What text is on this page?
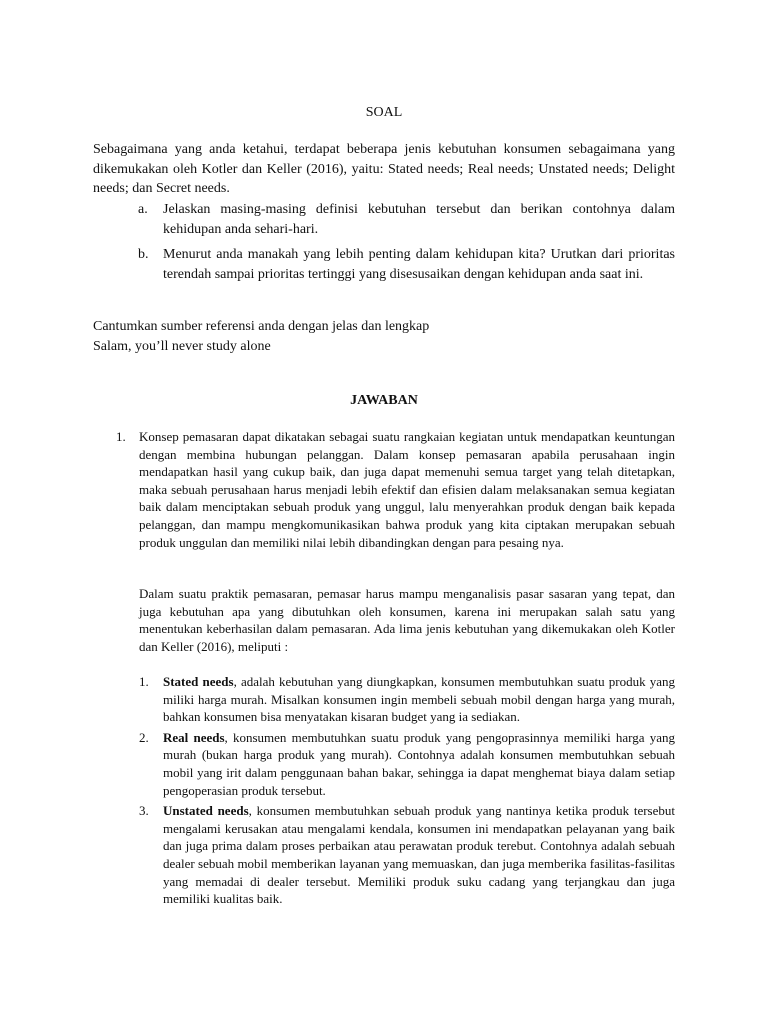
SOAL
Sebagaimana yang anda ketahui, terdapat beberapa jenis kebutuhan konsumen sebagaimana yang dikemukakan oleh Kotler dan Keller (2016), yaitu: Stated needs; Real needs; Unstated needs; Delight needs; dan Secret needs.
a. Jelaskan masing-masing definisi kebutuhan tersebut dan berikan contohnya dalam kehidupan anda sehari-hari.
b. Menurut anda manakah yang lebih penting dalam kehidupan kita? Urutkan dari prioritas terendah sampai prioritas tertinggi yang disesusaikan dengan kehidupan anda saat ini.
Cantumkan sumber referensi anda dengan jelas dan lengkap
Salam, you’ll never study alone
JAWABAN
1. Konsep pemasaran dapat dikatakan sebagai suatu rangkaian kegiatan untuk mendapatkan keuntungan dengan membina hubungan pelanggan. Dalam konsep pemasaran apabila perusahaan ingin mendapatkan hasil yang cukup baik, dan juga dapat memenuhi semua target yang telah ditetapkan, maka sebuah perusahaan harus menjadi lebih efektif dan efisien dalam melaksanakan semua kegiatan baik dalam menciptakan sebuah produk yang unggul, lalu menyerahkan produk dengan baik kepada pelanggan, dan mampu mengkomunikasikan bahwa produk yang kita ciptakan merupakan sebuah produk unggulan dan memiliki nilai lebih dibandingkan dengan para pesaing nya.
Dalam suatu praktik pemasaran, pemasar harus mampu menganalisis pasar sasaran yang tepat, dan juga kebutuhan apa yang dibutuhkan oleh konsumen, karena ini merupakan salah satu yang menentukan keberhasilan dalam pemasaran. Ada lima jenis kebutuhan yang dikemukakan oleh Kotler dan Keller (2016), meliputi :
1. Stated needs, adalah kebutuhan yang diungkapkan, konsumen membutuhkan suatu produk yang miliki harga murah. Misalkan konsumen ingin membeli sebuah mobil dengan harga yang murah, bahkan konsumen bisa menyatakan kisaran budget yang ia sediakan.
2. Real needs, konsumen membutuhkan suatu produk yang pengoprasinnya memiliki harga yang murah (bukan harga produk yang murah). Contohnya adalah konsumen membutuhkan sebuah mobil yang irit dalam penggunaan bahan bakar, sehingga ia dapat menghemat biaya dalam setiap pengoperasian produk tersebut.
3. Unstated needs, konsumen membutuhkan sebuah produk yang nantinya ketika produk tersebut mengalami kerusakan atau mengalami kendala, konsumen ini mendapatkan pelayanan yang baik dan juga prima dalam proses perbaikan atau perawatan produk terebut. Contohnya adalah sebuah dealer sebuah mobil memberikan layanan yang memuaskan, dan juga memberika fasilitas-fasilitas yang memadai di dealer tersebut. Memiliki produk suku cadang yang terjangkau dan juga memiliki kualitas baik.
